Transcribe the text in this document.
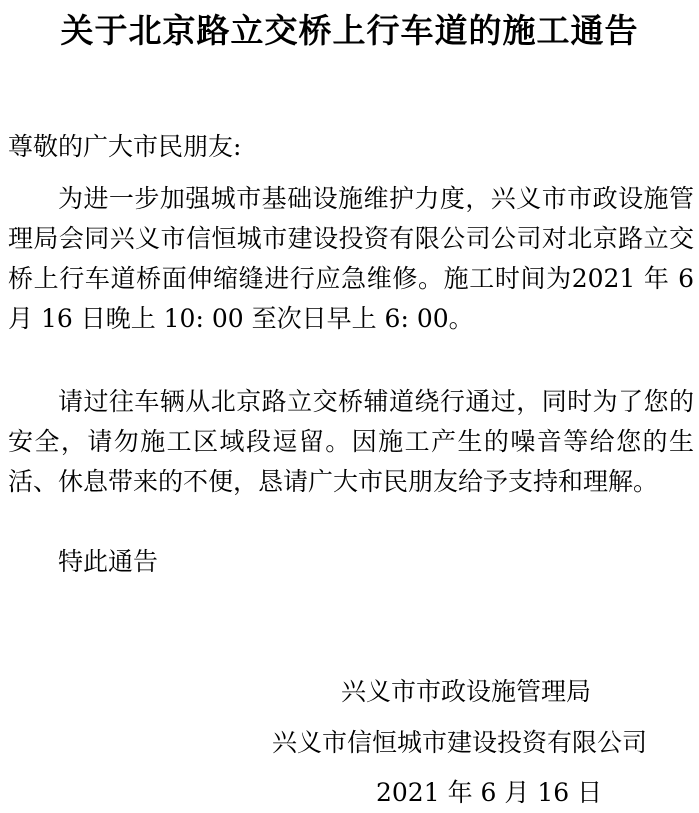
关于北京路立交桥上行车道的施工通告
尊敬的广大市民朋友:

为进一步加强城市基础设施维护力度，兴义市市政设施管理局会同兴义市信恒城市建设投资有限公司公司对北京路立交桥上行车道桥面伸缩缝进行应急维修。施工时间为2021 年 6 月 16 日晚上 10: 00 至次日早上 6: 00。

请过往车辆从北京路立交桥辅道绕行通过，同时为了您的安全，请勿施工区域段逗留。因施工产生的噪音等给您的生活、休息带来的不便，恳请广大市民朋友给予支持和理解。

特此通告
兴义市市政设施管理局
兴义市信恒城市建设投资有限公司
2021 年 6 月 16 日
